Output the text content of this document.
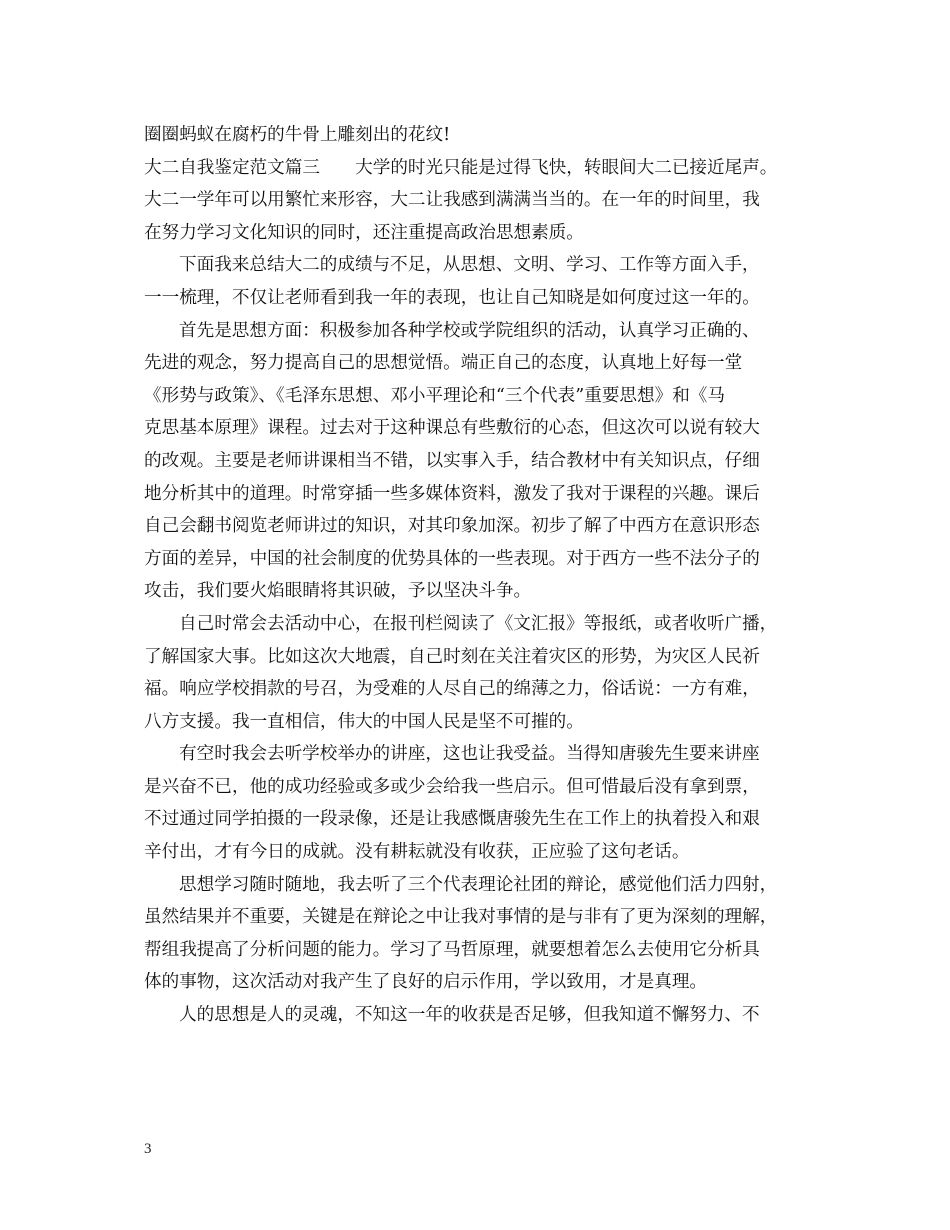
圈圈蚂蚁在腐朽的牛骨上雕刻出的花纹!
大二自我鉴定范文篇三　　大学的时光只能是过得飞快，转眼间大二已接近尾声。
大二一学年可以用繁忙来形容，大二让我感到满满当当的。在一年的时间里，我
在努力学习文化知识的同时，还注重提高政治思想素质。
下面我来总结大二的成绩与不足，从思想、文明、学习、工作等方面入手，
一一梳理，不仅让老师看到我一年的表现，也让自己知晓是如何度过这一年的。
首先是思想方面：积极参加各种学校或学院组织的活动，认真学习正确的、
先进的观念，努力提高自己的思想觉悟。端正自己的态度，认真地上好每一堂
《形势与政策》、《毛泽东思想、邓小平理论和“三个代表”重要思想》和《马
克思基本原理》课程。过去对于这种课总有些敷衍的心态，但这次可以说有较大
的改观。主要是老师讲课相当不错，以实事入手，结合教材中有关知识点，仔细
地分析其中的道理。时常穿插一些多媒体资料，激发了我对于课程的兴趣。课后
自己会翻书阅览老师讲过的知识，对其印象加深。初步了解了中西方在意识形态
方面的差异，中国的社会制度的优势具体的一些表现。对于西方一些不法分子的
攻击，我们要火焰眼睛将其识破，予以坚决斗争。
自己时常会去活动中心，在报刊栏阅读了《文汇报》等报纸，或者收听广播，
了解国家大事。比如这次大地震，自己时刻在关注着灾区的形势，为灾区人民祈
福。响应学校捐款的号召，为受难的人尽自己的绵薄之力，俗话说：一方有难，
八方支援。我一直相信，伟大的中国人民是坚不可摧的。
有空时我会去听学校举办的讲座，这也让我受益。当得知唐骏先生要来讲座
是兴奋不已，他的成功经验或多或少会给我一些启示。但可惜最后没有拿到票，
不过通过同学拍摄的一段录像，还是让我感慨唐骏先生在工作上的执着投入和艰
辛付出，才有今日的成就。没有耕耘就没有收获，正应验了这句老话。
思想学习随时随地，我去听了三个代表理论社团的辩论，感觉他们活力四射，
虽然结果并不重要，关键是在辩论之中让我对事情的是与非有了更为深刻的理解，
帮组我提高了分析问题的能力。学习了马哲原理，就要想着怎么去使用它分析具
体的事物，这次活动对我产生了良好的启示作用，学以致用，才是真理。
人的思想是人的灵魂，不知这一年的收获是否足够，但我知道不懈努力、不
3
